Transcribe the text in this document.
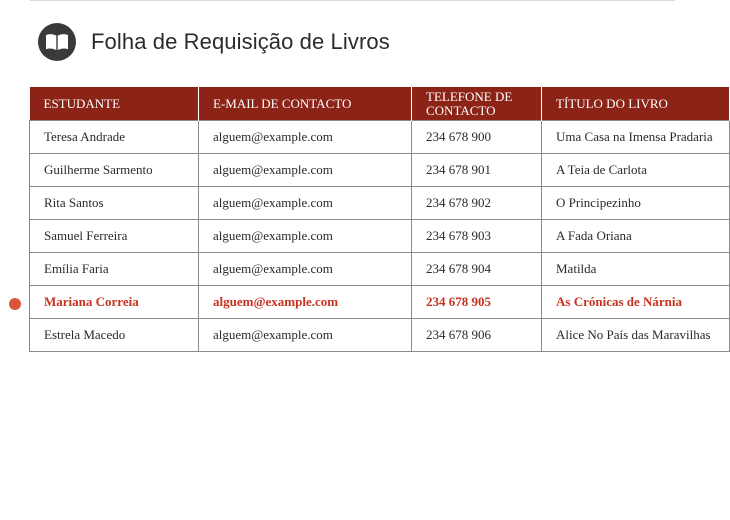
Folha de Requisição de Livros
ESTUDANTE	E-MAIL DE CONTACTO	TELEFONE DE CONTACTO	TÍTULO DO LIVRO
Teresa Andrade	alguem@example.com	234 678 900	Uma Casa na Imensa Pradaria
Guilherme Sarmento	alguem@example.com	234 678 901	A Teia de Carlota
Rita Santos	alguem@example.com	234 678 902	O Principezinho
Samuel Ferreira	alguem@example.com	234 678 903	A Fada Oriana
Emília Faria	alguem@example.com	234 678 904	Matilda
Mariana Correia	alguem@example.com	234 678 905	As Crónicas de Nárnia
Estrela Macedo	alguem@example.com	234 678 906	Alice No País das Maravilhas
